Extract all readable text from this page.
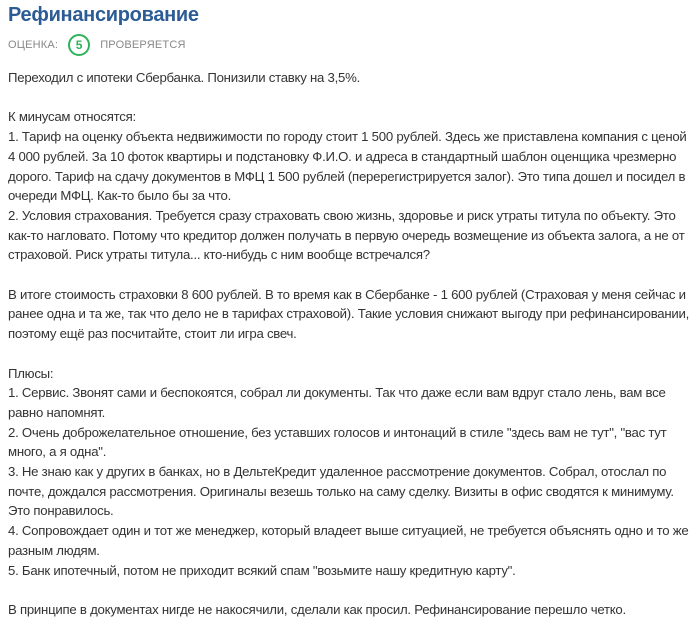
Рефинансирование
ОЦЕНКА:	5	ПРОВЕРЯЕТСЯ

Переходил с ипотеки Сбербанка. Понизили ставку на 3,5%.

К минусам относятся:

1. Тариф на оценку объекта недвижимости по городу стоит 1 500 рублей. Здесь же приставлена компания с ценой 4 000 рублей. За 10 фоток квартиры и подстановку Ф.И.О. и адреса в стандартный шаблон оценщика чрезмерно дорого. Тариф на сдачу документов в МФЦ 1 500 рублей (перерегистрируется залог). Это типа дошел и посидел в очереди МФЦ. Как-то было бы за что.

2. Условия страхования. Требуется сразу страховать свою жизнь, здоровье и риск утраты титула по объекту. Это как-то нагловато. Потому что кредитор должен получать в первую очередь возмещение из объекта залога, а не от страховой. Риск утраты титула... кто-нибудь с ним вообще встречался?

В итоге стоимость страховки 8 600 рублей. В то время как в Сбербанке - 1 600 рублей (Страховая у меня сейчас и ранее одна и та же, так что дело не в тарифах страховой). Такие условия снижают выгоду при рефинансировании, поэтому ещё раз посчитайте, стоит ли игра свеч.

Плюсы:

1. Сервис. Звонят сами и беспокоятся, собрал ли документы. Так что даже если вам вдруг стало лень, вам все равно напомнят.

2. Очень доброжелательное отношение, без уставших голосов и интонаций в стиле "здесь вам не тут", "вас тут много, а я одна".

3. Не знаю как у других в банках, но в ДельтеКредит удаленное рассмотрение документов. Собрал, отослал по почте, дождался рассмотрения. Оригиналы везешь только на саму сделку. Визиты в офис сводятся к минимуму. Это понравилось.

4. Сопровождает один и тот же менеджер, который владеет выше ситуацией, не требуется объяснять одно и то же разным людям.

5. Банк ипотечный, потом не приходит всякий спам "возьмите нашу кредитную карту".

В принципе в документах нигде не накосячили, сделали как просил. Рефинансирование перешло четко.
